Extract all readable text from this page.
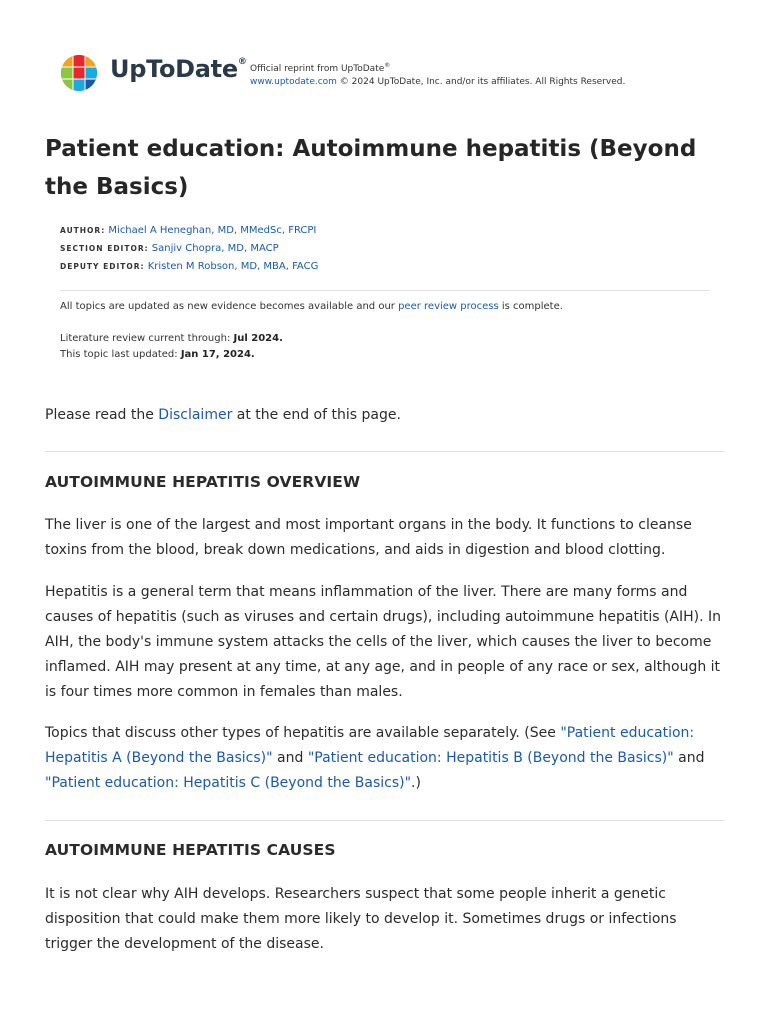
UpToDate®
Official reprint from UpToDate®
www.uptodate.com © 2024 UpToDate, Inc. and/or its affiliates. All Rights Reserved.
Patient education: Autoimmune hepatitis (Beyond the Basics)
AUTHOR: Michael A Heneghan, MD, MMedSc, FRCPI
SECTION EDITOR: Sanjiv Chopra, MD, MACP
DEPUTY EDITOR: Kristen M Robson, MD, MBA, FACG
All topics are updated as new evidence becomes available and our peer review process is complete.
Literature review current through: Jul 2024.
This topic last updated: Jan 17, 2024.
Please read the Disclaimer at the end of this page.
AUTOIMMUNE HEPATITIS OVERVIEW

The liver is one of the largest and most important organs in the body. It functions to cleanse toxins from the blood, break down medications, and aids in digestion and blood clotting.

Hepatitis is a general term that means inflammation of the liver. There are many forms and causes of hepatitis (such as viruses and certain drugs), including autoimmune hepatitis (AIH). In AIH, the body's immune system attacks the cells of the liver, which causes the liver to become inflamed. AIH may present at any time, at any age, and in people of any race or sex, although it is four times more common in females than males.

Topics that discuss other types of hepatitis are available separately. (See "Patient education: Hepatitis A (Beyond the Basics)" and "Patient education: Hepatitis B (Beyond the Basics)" and "Patient education: Hepatitis C (Beyond the Basics)".)

AUTOIMMUNE HEPATITIS CAUSES

It is not clear why AIH develops. Researchers suspect that some people inherit a genetic disposition that could make them more likely to develop it. Sometimes drugs or infections trigger the development of the disease.
